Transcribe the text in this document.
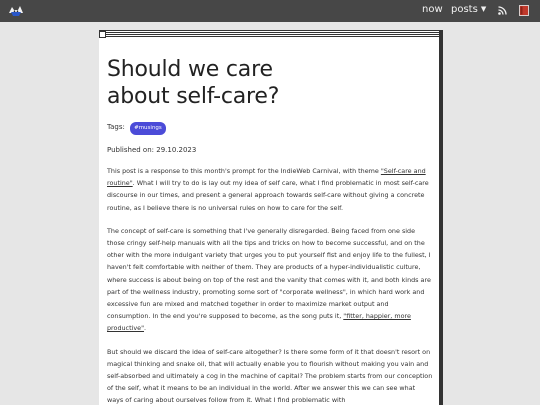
now posts ▼
Should we care
about self-care?
Tags: #musings
Published on: 29.10.2023

This post is a response to this month's prompt for the IndieWeb Carnival, with theme "Self-care and routine". What I will try to do is lay out my idea of self care, what I find problematic in most self-care discourse in our times, and present a general approach towards self-care without giving a concrete routine, as I believe there is no universal rules on how to care for the self.

The concept of self-care is something that I've generally disregarded. Being faced from one side those cringy self-help manuals with all the tips and tricks on how to become successful, and on the other with the more indulgant variety that urges you to put yourself fist and enjoy life to the fullest, I haven't felt comfortable with neither of them. They are products of a hyper-individualistic culture, where success is about being on top of the rest and the vanity that comes with it, and both kinds are part of the wellness industry, promoting some sort of "corporate wellness", in which hard work and excessive fun are mixed and matched together in order to maximize market output and consumption. In the end you're supposed to become, as the song puts it, "fitter, happier, more productive".

But should we discard the idea of self-care altogether? Is there some form of it that doesn't resort on magical thinking and snake oil, that will actually enable you to flourish without making you vain and self-absorbed and ultimately a cog in the machine of capital? The problem starts from our conception of the self, what it means to be an individual in the world. After we answer this we can see what ways of caring about ourselves follow from it. What I find problematic with
